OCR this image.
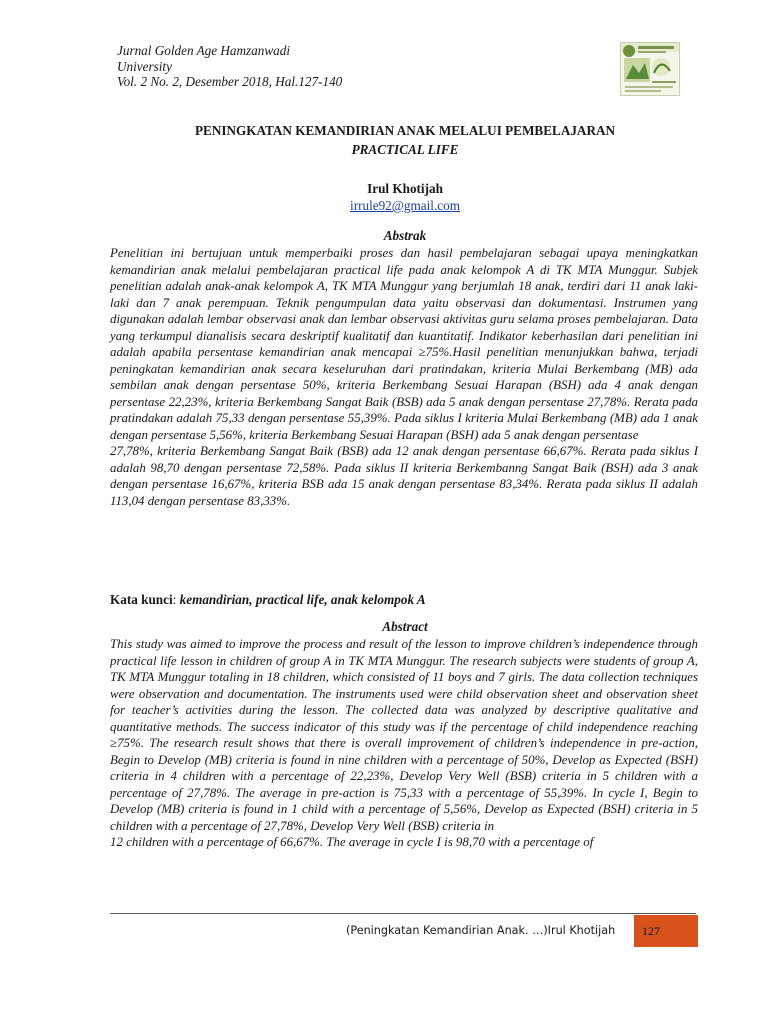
Jurnal Golden Age Hamzanwadi
University
Vol. 2 No. 2, Desember 2018, Hal.127-140
PENINGKATAN KEMANDIRIAN ANAK MELALUI PEMBELAJARAN
PRACTICAL LIFE
Irul Khotijah
irrule92@gmail.com
Abstrak

Penelitian ini bertujuan untuk memperbaiki proses dan hasil pembelajaran sebagai upaya meningkatkan kemandirian anak melalui pembelajaran practical life pada anak kelompok A di TK MTA Munggur. Subjek penelitian adalah anak-anak kelompok A, TK MTA Munggur yang berjumlah 18 anak, terdiri dari 11 anak laki-laki dan 7 anak perempuan. Teknik pengumpulan data yaitu observasi dan dokumentasi. Instrumen yang digunakan adalah lembar observasi anak dan lembar observasi aktivitas guru selama proses pembelajaran. Data yang terkumpul dianalisis secara deskriptif kualitatif dan kuantitatif. Indikator keberhasilan dari penelitian ini adalah apabila persentase kemandirian anak mencapai ≥75%.Hasil penelitian menunjukkan bahwa, terjadi peningkatan kemandirian anak secara keseluruhan dari pratindakan, kriteria Mulai Berkembang (MB) ada sembilan anak dengan persentase 50%, kriteria Berkembang Sesuai Harapan (BSH) ada 4 anak dengan persentase 22,23%, kriteria Berkembang Sangat Baik (BSB) ada 5 anak dengan persentase 27,78%. Rerata pada pratindakan adalah 75,33 dengan persentase 55,39%. Pada siklus I kriteria Mulai Berkembang (MB) ada 1 anak dengan persentase 5,56%, kriteria Berkembang Sesuai Harapan (BSH) ada 5 anak dengan persentase

27,78%, kriteria Berkembang Sangat Baik (BSB) ada 12 anak dengan persentase 66,67%. Rerata pada siklus I adalah 98,70 dengan persentase 72,58%. Pada siklus II kriteria Berkembanng Sangat Baik (BSH) ada 3 anak dengan persentase 16,67%, kriteria BSB ada 15 anak dengan persentase 83,34%. Rerata pada siklus II adalah 113,04 dengan persentase 83,33%.

Kata kunci: kemandirian, practical life, anak kelompok A
Abstract

This study was aimed to improve the process and result of the lesson to improve children’s independence through practical life lesson in children of group A in TK MTA Munggur. The research subjects were students of group A, TK MTA Munggur totaling in 18 children, which consisted of 11 boys and 7 girls. The data collection techniques were observation and documentation. The instruments used were child observation sheet and observation sheet for teacher’s activities during the lesson. The collected data was analyzed by descriptive qualitative and quantitative methods. The success indicator of this study was if the percentage of child independence reaching ≥75%. The research result shows that there is overall improvement of children’s independence in pre-action, Begin to Develop (MB) criteria is found in nine children with a percentage of 50%, Develop as Expected (BSH) criteria in 4 children with a percentage of 22,23%, Develop Very Well (BSB) criteria in 5 children with a percentage of 27,78%. The average in pre-action is 75,33 with a percentage of 55,39%. In cycle I, Begin to Develop (MB) criteria is found in 1 child with a percentage of 5,56%, Develop as Expected (BSH) criteria in 5 children with a percentage of 27,78%, Develop Very Well (BSB) criteria in

12 children with a percentage of 66,67%. The average in cycle I is 98,70 with a percentage of

(Peningkatan Kemandirian Anak. …)Irul Khotijah	127
